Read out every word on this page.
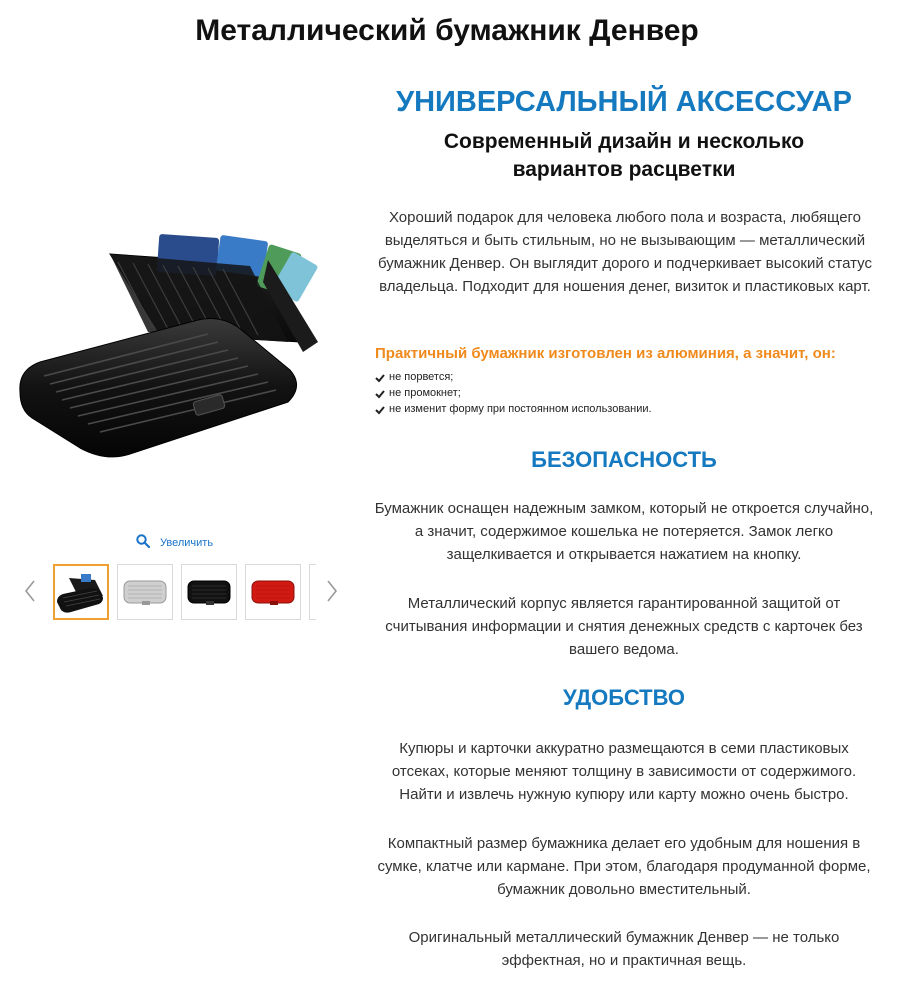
Металлический бумажник Денвер
Увеличить
УНИВЕРСАЛЬНЫЙ АКСЕССУАР

Современный дизайн и несколько
вариантов расцветки

Хороший подарок для человека любого пола и возраста, любящего выделяться и быть стильным, но не вызывающим — металлический бумажник Денвер. Он выглядит дорого и подчеркивает высокий статус владельца. Подходит для ношения денег, визиток и пластиковых карт.

Практичный бумажник изготовлен из алюминия, а значит, он:

не порвется;
не промокнет;
не изменит форму при постоянном использовании.
БЕЗОПАСНОСТЬ

Бумажник оснащен надежным замком, который не откроется случайно, а значит, содержимое кошелька не потеряется. Замок легко защелкивается и открывается нажатием на кнопку.

Металлический корпус является гарантированной защитой от считывания информации и снятия денежных средств с карточек без вашего ведома.

УДОБСТВО

Купюры и карточки аккуратно размещаются в семи пластиковых отсеках, которые меняют толщину в зависимости от содержимого. Найти и извлечь нужную купюру или карту можно очень быстро.

Компактный размер бумажника делает его удобным для ношения в сумке, клатче или кармане. При этом, благодаря продуманной форме, бумажник довольно вместительный.

Оригинальный металлический бумажник Денвер — не только эффектная, но и практичная вещь.
